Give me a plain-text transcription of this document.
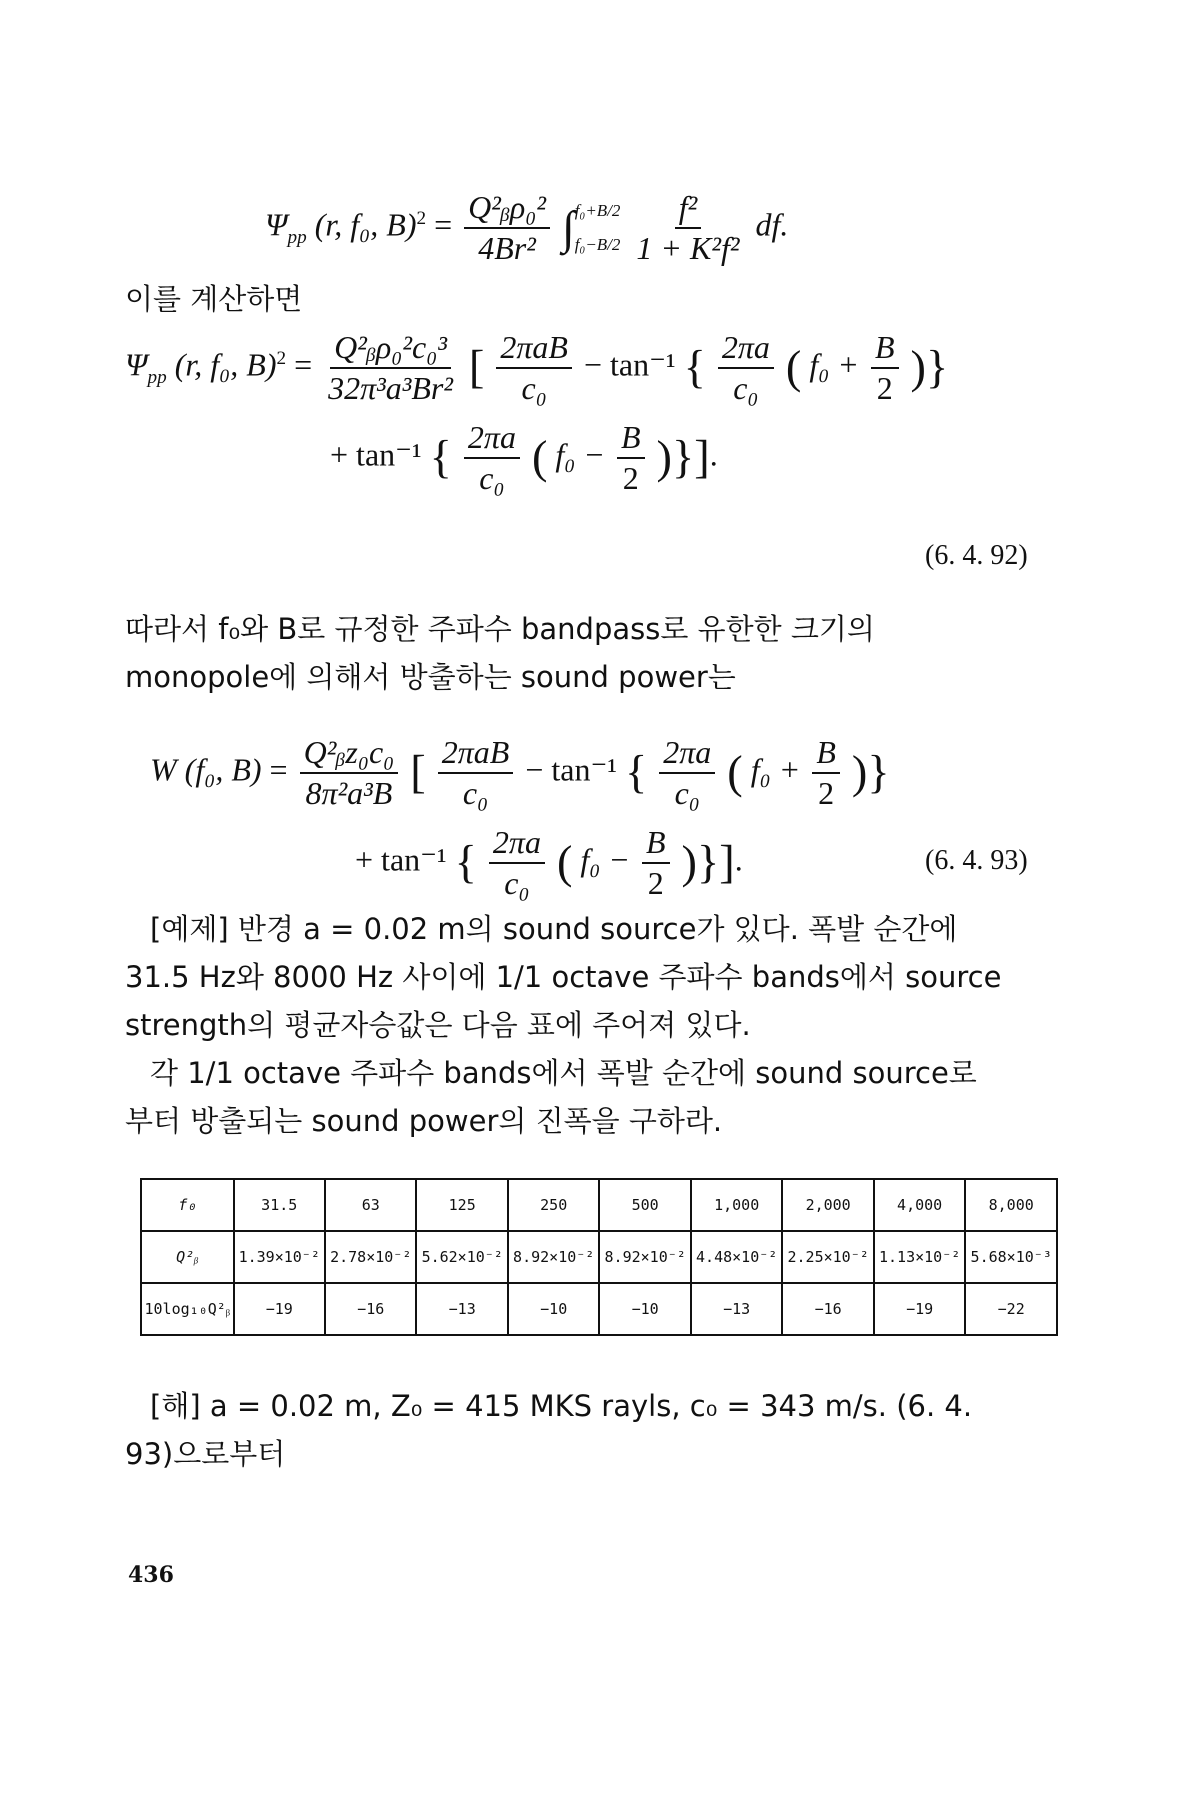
$\Psi_{pp}$ (r, f₀, $B)^2 = \frac{\text{Q²ᵦρ₀²}}{\text{4Br²}}$
∫ f₀+B/2
f₀−B/2
$\frac{\text{f²}}{\text{1 + K²f²}}$ df.
이를 계산하면
$\Psi_{pp}$ (r, f₀, $B)^2 = \frac{\text{Q²ᵦρ₀²c₀³}}{\text{32π³a³Br²}}$ [ $\frac{\text{2πaB}}{\text{c₀}} - \tan^{-1}$ { $\frac{2\pi a}{\text{c₀}}$ ( $f_0 + \frac{B}{2}$ )}
+ tan⁻¹ { $\frac{2\pi a}{\text{c₀}}$ ( $f_0 - \frac{B}{2}$ )}].
(6. 4. 92)
따라서 f₀와 B로 규정한 주파수 bandpass로 유한한 크기의
monopole에 의해서 방출하는 sound power는
W (f₀, $B) = \frac{\text{Q²ᵦz₀c₀}}{\text{8π²a³B}}$ [ $\frac{\text{2πaB}}{\text{c₀}} - \tan^{-1}$ { $\frac{2\pi a}{\text{c₀}}$ ( $f_0 + \frac{B}{2}$ )}
+ tan⁻¹ { $\frac{2\pi a}{\text{c₀}}$ ( $f_0 - \frac{B}{2}$ )}].	(6. 4. 93)
[예제] 반경 a = 0.02 m의 sound source가 있다. 폭발 순간에
31.5 Hz와 8000 Hz 사이에 1/1 octave 주파수 bands에서 source
strength의 평균자승값은 다음 표에 주어져 있다.
각 1/1 octave 주파수 bands에서 폭발 순간에 sound source로
부터 방출되는 sound power의 진폭을 구하라.
f₀	31.5	63	125	250	500	1,000	2,000	4,000	8,000
Q²ᵦ	1.39×10⁻²	2.78×10⁻²	5.62×10⁻²	8.92×10⁻²	8.92×10⁻²	4.48×10⁻²	2.25×10⁻²	1.13×10⁻²	5.68×10⁻³
10log₁₀Q²ᵦ	−19	−16	−13	−10	−10	−13	−16	−19	−22
[해] a = 0.02 m, Z₀ = 415 MKS rayls, c₀ = 343 m/s. (6. 4.
93)으로부터
436
